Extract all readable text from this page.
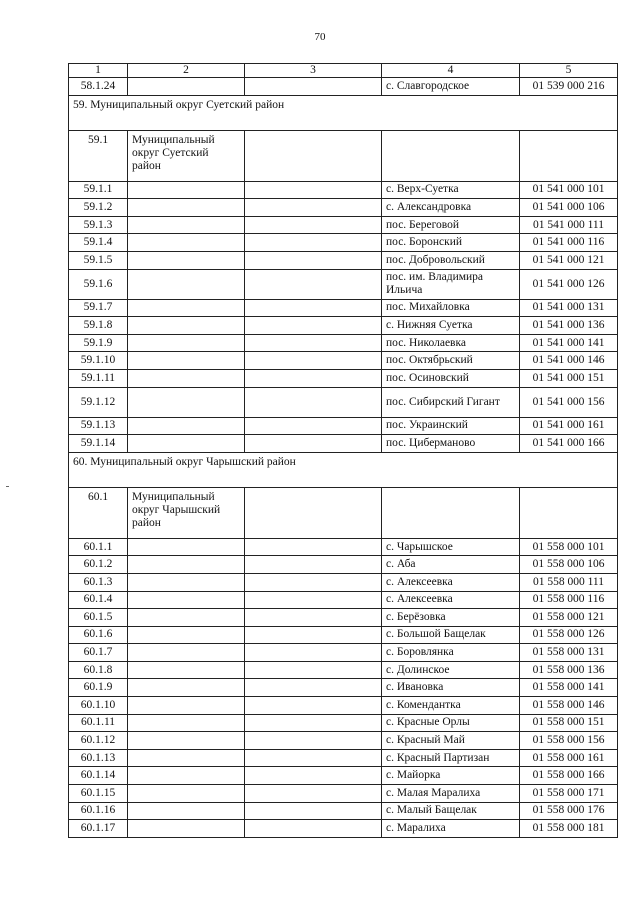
70
1	2	3	4	5
58.1.24			с. Славгородское	01 539 000 216
59. Муниципальный округ Суетский район				
59.1	Муниципальный округ Суетский район			
59.1.1			с. Верх-Суетка	01 541 000 101
59.1.2			с. Александровка	01 541 000 106
59.1.3			пос. Береговой	01 541 000 111
59.1.4			пос. Боронский	01 541 000 116
59.1.5			пос. Добровольский	01 541 000 121
59.1.6			пос. им. Владимира Ильича	01 541 000 126
59.1.7			пос. Михайловка	01 541 000 131
59.1.8			с. Нижняя Суетка	01 541 000 136
59.1.9			пос. Николаевка	01 541 000 141
59.1.10			пос. Октябрьский	01 541 000 146
59.1.11			пос. Осиновский	01 541 000 151
59.1.12			пос. Сибирский Гигант	01 541 000 156
59.1.13			пос. Украинский	01 541 000 161
59.1.14			пос. Циберманово	01 541 000 166
60. Муниципальный округ Чарышский район				
60.1	Муниципальный округ Чарышский район			
60.1.1			с. Чарышское	01 558 000 101
60.1.2			с. Аба	01 558 000 106
60.1.3			с. Алексеевка	01 558 000 111
60.1.4			с. Алексеевка	01 558 000 116
60.1.5			с. Берёзовка	01 558 000 121
60.1.6			с. Большой Бащелак	01 558 000 126
60.1.7			с. Боровлянка	01 558 000 131
60.1.8			с. Долинское	01 558 000 136
60.1.9			с. Ивановка	01 558 000 141
60.1.10			с. Комендантка	01 558 000 146
60.1.11			с. Красные Орлы	01 558 000 151
60.1.12			с. Красный Май	01 558 000 156
60.1.13			с. Красный Партизан	01 558 000 161
60.1.14			с. Майорка	01 558 000 166
60.1.15			с. Малая Маралиха	01 558 000 171
60.1.16			с. Малый Бащелак	01 558 000 176
60.1.17			с. Маралиха	01 558 000 181
